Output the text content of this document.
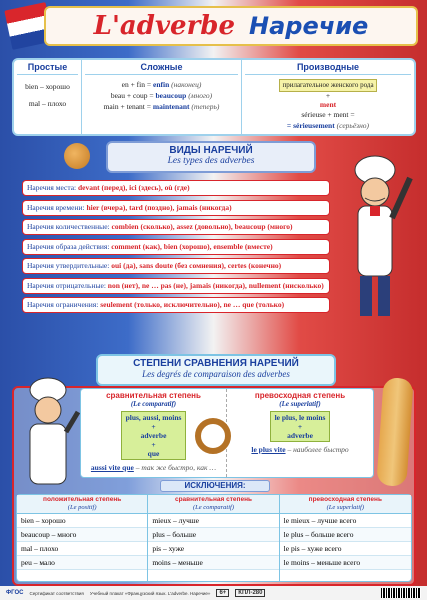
L'adverbe Наречие
Простые
bien – хорошо
mal – плохо
Сложные
en + fin = enfin (наконец)
beau + coup = beaucoup (много)
main + tenant = maintenant (теперь)
Производные
прилагательное женского рода
+
ment
sérieuse + ment =
= sérieusement (серьёзно)
ВИДЫ НАРЕЧИЙ
Les types des adverbes
Наречия места: devant (перед), ici (здесь), où (где)
Наречия времени: hier (вчера), tard (поздно), jamais (никогда)
Наречия количественные: combien (сколько), assez (довольно), beaucoup (много)
Наречия образа действия: comment (как), bien (хорошо), ensemble (вместе)
Наречия утвердительные: oui (да), sans doute (без сомнения), certes (конечно)
Наречия отрицательные: non (нет), ne … pas (не), jamais (никогда), nullement (нисколько)
Наречия ограничения: seulement (только, исключительно), ne … que (только)
СТЕПЕНИ СРАВНЕНИЯ НАРЕЧИЙ
Les degrés de comparaison des adverbes
сравнительная степень
(Le comparatif)
plus, aussi, moins
+
adverbe
+
que
aussi vite que – так же быстро, как …
превосходная степень
(Le superlatif)
le plus, le moins
+
adverbe
le plus vite – наиболее быстро
ИСКЛЮЧЕНИЯ:
положительная степень
(Le positif)
bien – хорошо
beaucoup – много
mal – плохо
peu – мало
сравнительная степень
(Le comparatif)
mieux – лучше
plus – больше
pis – хуже
moins – меньше
превосходная степень
(Le superlatif)
le mieux – лучше всего
le plus – больше всего
le pis – хуже всего
le moins – меньше всего
ФГОС Сертификат соответствия Учебный плакат «Французский язык. L'adverbe. Наречие»	6+	КПЛ-280
